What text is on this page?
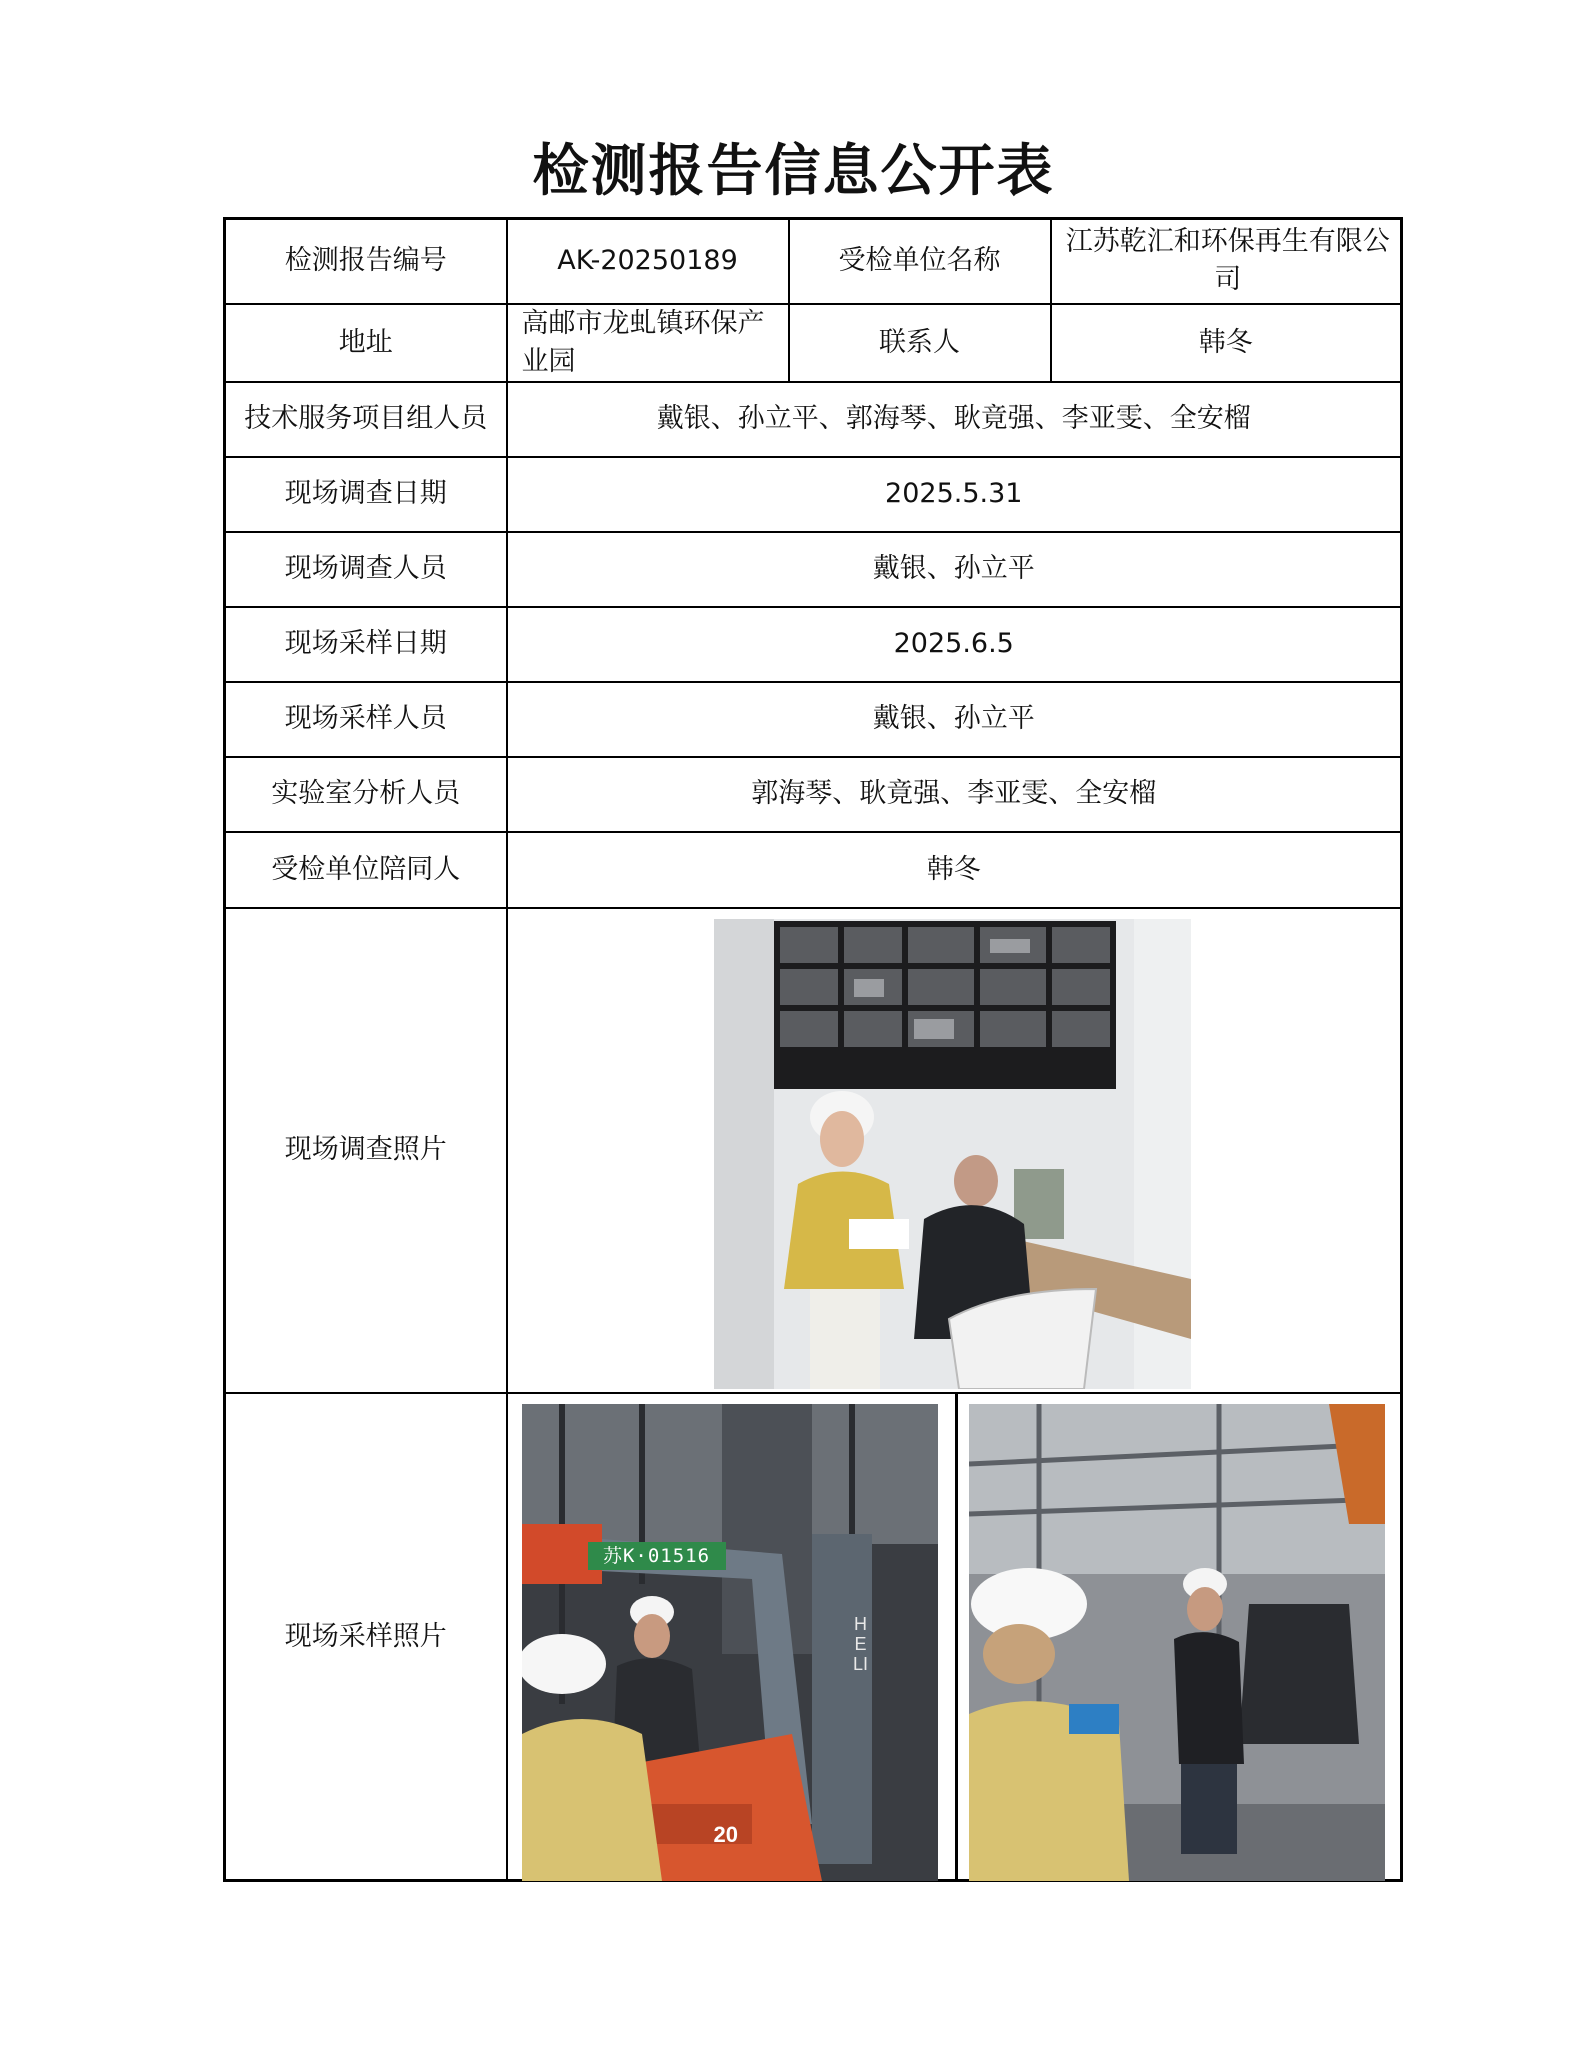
检测报告信息公开表
检测报告编号	AK-20250189	受检单位名称	江苏乾汇和环保再生有限公司
地址	高邮市龙虬镇环保产业园	联系人	韩冬
技术服务项目组人员	戴银、孙立平、郭海琴、耿竟强、李亚雯、全安榴		
现场调查日期	2025.5.31		
现场调查人员	戴银、孙立平		
现场采样日期	2025.6.5		
现场采样人员	戴银、孙立平		
实验室分析人员	郭海琴、耿竟强、李亚雯、全安榴		
受检单位陪同人	韩冬		
现场调查照片	

现场采样照片	苏K·01516
HELI
20		
